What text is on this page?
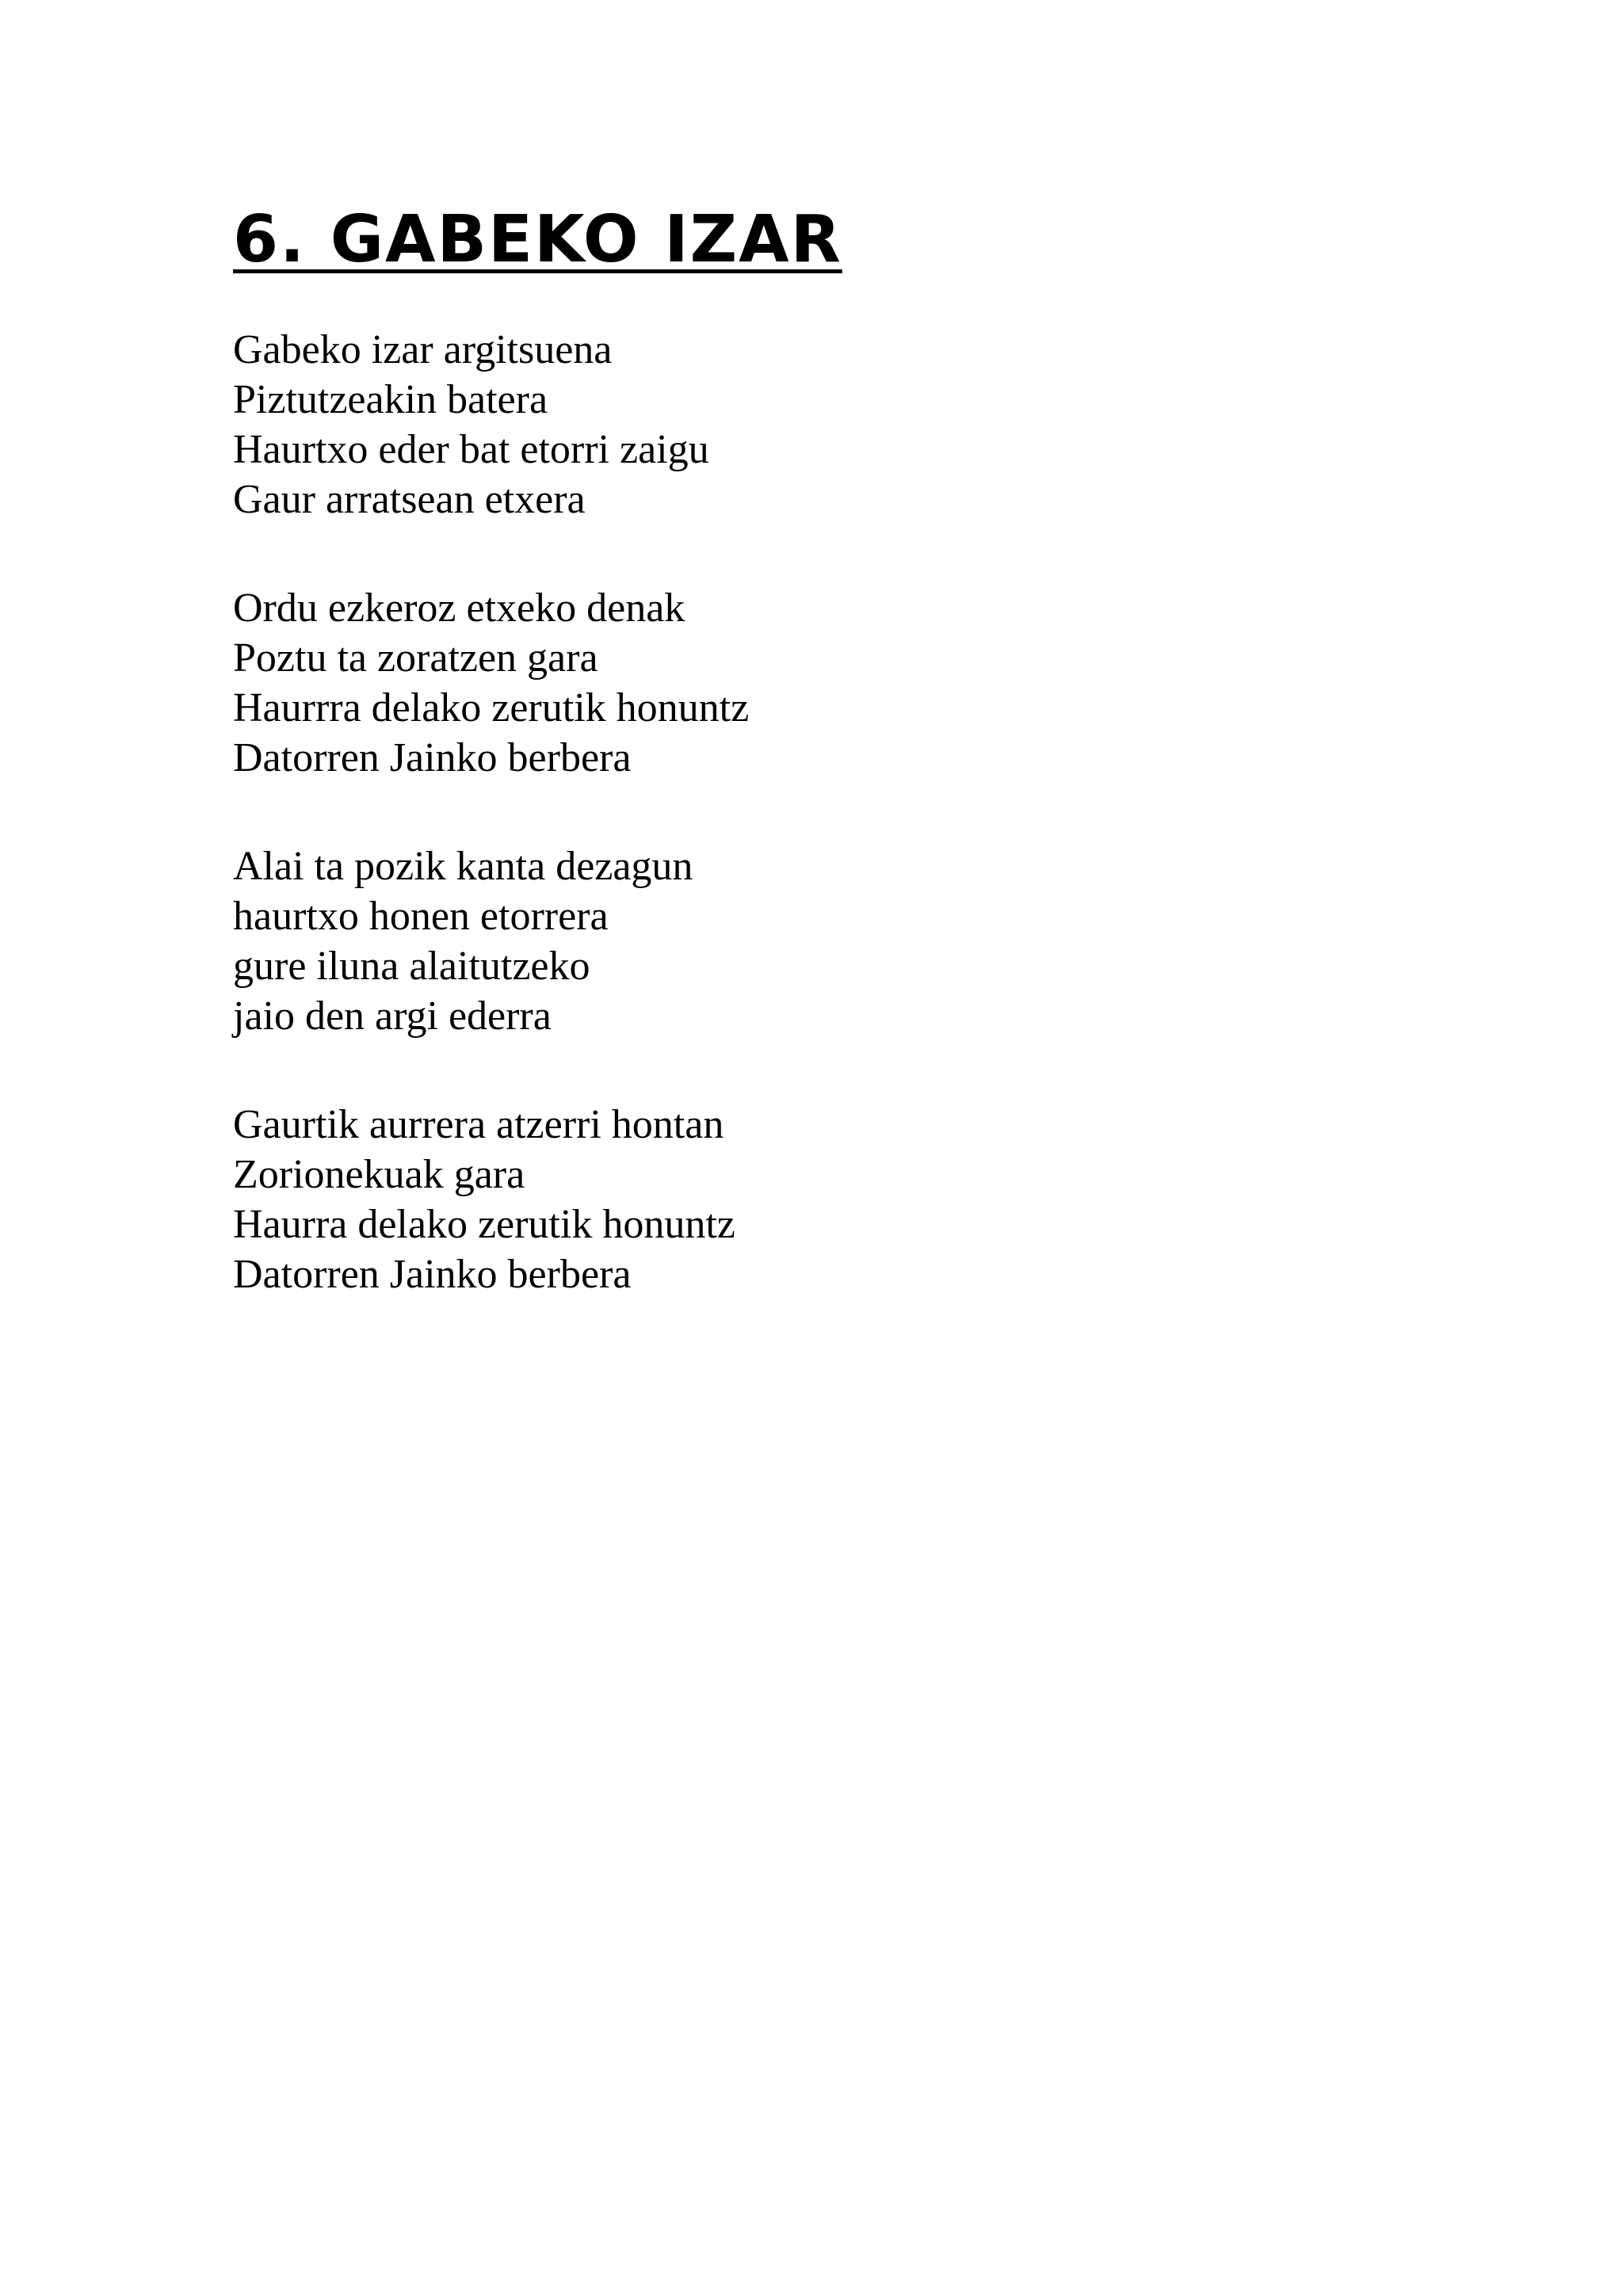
6. GABEKO IZAR
Gabeko izar argitsuena
Piztutzeakin batera
Haurtxo eder bat etorri zaigu
Gaur arratsean etxera
Ordu ezkeroz etxeko denak
Poztu ta zoratzen gara
Haurrra delako zerutik honuntz
Datorren Jainko berbera
Alai ta pozik kanta dezagun
haurtxo honen etorrera
gure iluna alaitutzeko
jaio den argi ederra
Gaurtik aurrera atzerri hontan
Zorionekuak gara
Haurra delako zerutik honuntz
Datorren Jainko berbera
